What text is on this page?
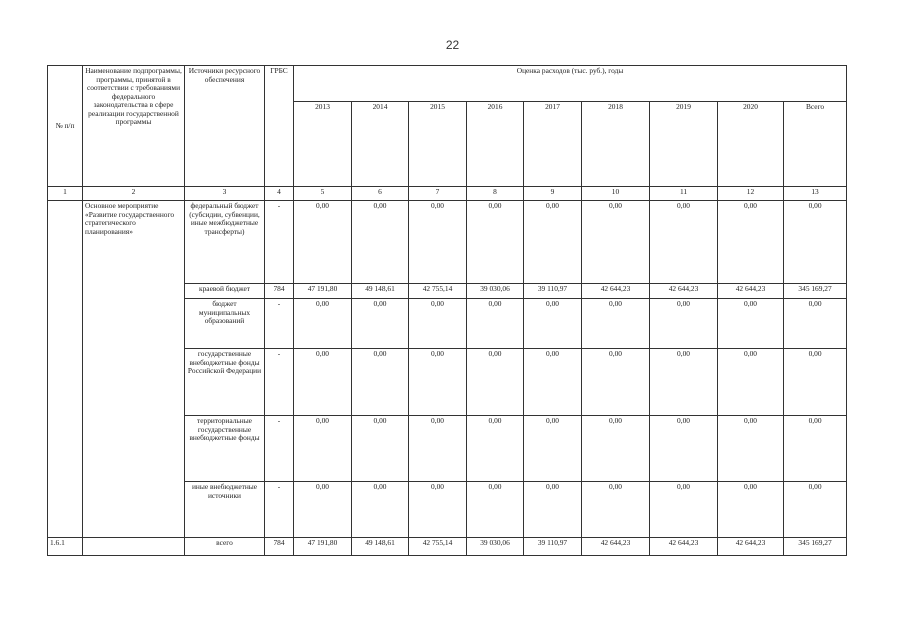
22
№ п/п	Наименование подпрограммы, программы, принятой в соответствии с требованиями федерального законодательства в сфере реализации государственной программы	Источники ресурсного обеспечения	ГРБС	Оценка расходов (тыс. руб.), годы								
				2013	2014	2015	2016	2017	2018	2019	2020	Всего
1	2	3	4	5	6	7	8	9	10	11	12	13
	Основное мероприятие «Развитие государственного стратегического планирования»	федеральный бюджет (субсидии, субвенции, иные межбюджетные трансферты)	-	0,00	0,00	0,00	0,00	0,00	0,00	0,00	0,00	0,00
		краевой бюджет	784	47 191,80	49 148,61	42 755,14	39 030,06	39 110,97	42 644,23	42 644,23	42 644,23	345 169,27
		бюджет муниципальных образований	-	0,00	0,00	0,00	0,00	0,00	0,00	0,00	0,00	0,00
		государственные внебюджетные фонды Российской Федерации	-	0,00	0,00	0,00	0,00	0,00	0,00	0,00	0,00	0,00
		территориальные государственные внебюджетные фонды	-	0,00	0,00	0,00	0,00	0,00	0,00	0,00	0,00	0,00
		иные внебюджетные источники	-	0,00	0,00	0,00	0,00	0,00	0,00	0,00	0,00	0,00
1.6.1		всего	784	47 191,80	49 148,61	42 755,14	39 030,06	39 110,97	42 644,23	42 644,23	42 644,23	345 169,27
